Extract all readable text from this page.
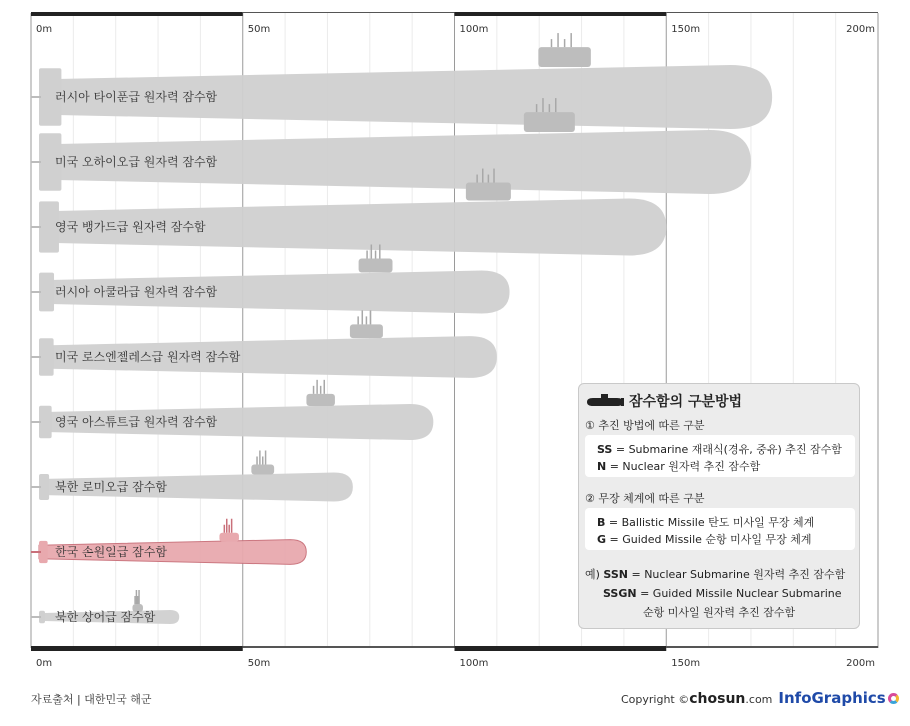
0m
0m
50m
50m
100m
100m
150m
150m
200m
200m
러시아 타이푼급 원자력 잠수함
미국 오하이오급 원자력 잠수함
영국 뱅가드급 원자력 잠수함
러시아 아쿨라급 원자력 잠수함
미국 로스엔젤레스급 원자력 잠수함
영국 아스튜트급 원자력 잠수함
북한 로미오급 잠수함
한국 손원일급 잠수함
북한 상어급 잠수함
잠수함의 구분방법
① 추진 방법에 따른 구분
SS = Submarine 재래식(경유, 중유) 추진 잠수함
N = Nuclear 원자력 추진 잠수함
② 무장 체계에 따른 구분
B = Ballistic Missile 탄도 미사일 무장 체계
G = Guided Missile 순항 미사일 무장 체계
예) SSN = Nuclear Submarine 원자력 추진 잠수함
SSGN = Guided Missile Nuclear Submarine
순항 미사일 원자력 추진 잠수함
자료출처 | 대한민국 해군	Copyright ©chosun.com InfoGraphics
